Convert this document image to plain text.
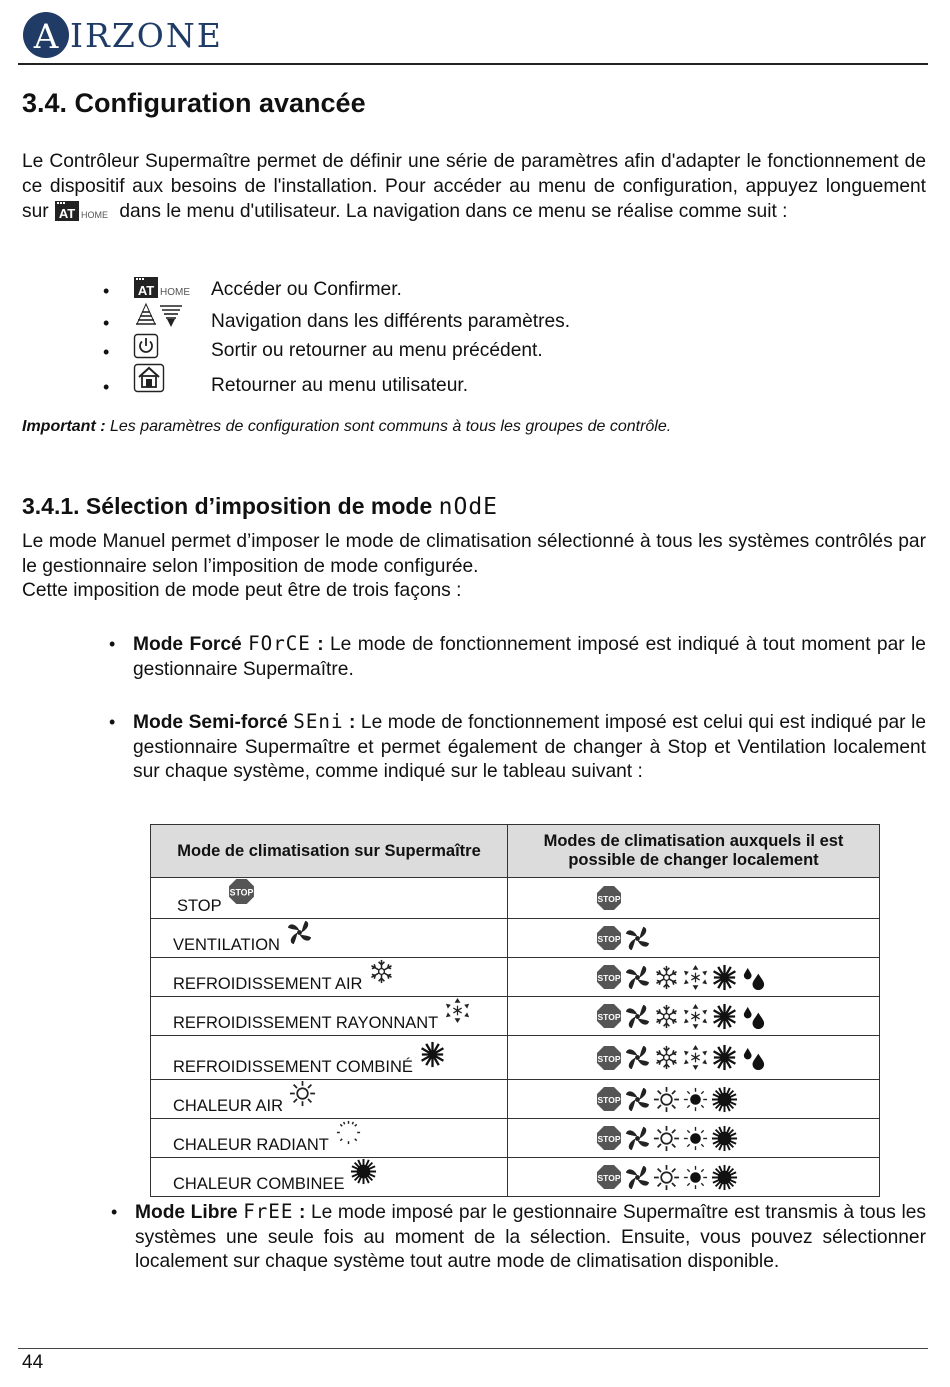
A IRZONE
3.4. Configuration avancée

Le Contrôleur Supermaître permet de définir une série de paramètres afin d'adapter le fonctionnement de ce dispositif aux besoins de l'installation. Pour accéder au menu de configuration, appuyez longuement sur AT HOME dans le menu d'utilisateur. La navigation dans ce menu se réalise comme suit :

• AT HOME Accéder ou Confirmer.
•	Navigation dans les différents paramètres.
•	Sortir ou retourner au menu précédent.
•	Retourner au menu utilisateur.
Important : Les paramètres de configuration sont communs à tous les groupes de contrôle.
3.4.1. Sélection d’imposition de mode nOdE

Le mode Manuel permet d’imposer le mode de climatisation sélectionné à tous les systèmes contrôlés par le gestionnaire selon l’imposition de mode configurée.

Cette imposition de mode peut être de trois façons :

• Mode Forcé FOrCE : Le mode de fonctionnement imposé est indiqué à tout moment par le gestionnaire Supermaître.

• Mode Semi-forcé SEni : Le mode de fonctionnement imposé est celui qui est indiqué par le gestionnaire Supermaître et permet également de changer à Stop et Ventilation localement sur chaque système, comme indiqué sur le tableau suivant :

Mode de climatisation sur Supermaître	Modes de climatisation auxquels il est possible de changer localement
STOP	

VENTILATION	

REFROIDISSEMENT AIR	

REFROIDISSEMENT RAYONNANT	

REFROIDISSEMENT COMBINÉ	

CHALEUR AIR	

CHALEUR RADIANT	

CHALEUR COMBINEE	
• Mode Libre FrEE : Le mode imposé par le gestionnaire Supermaître est transmis à tous les systèmes une seule fois au moment de la sélection. Ensuite, vous pouvez sélectionner localement sur chaque système tout autre mode de climatisation disponible.

44
